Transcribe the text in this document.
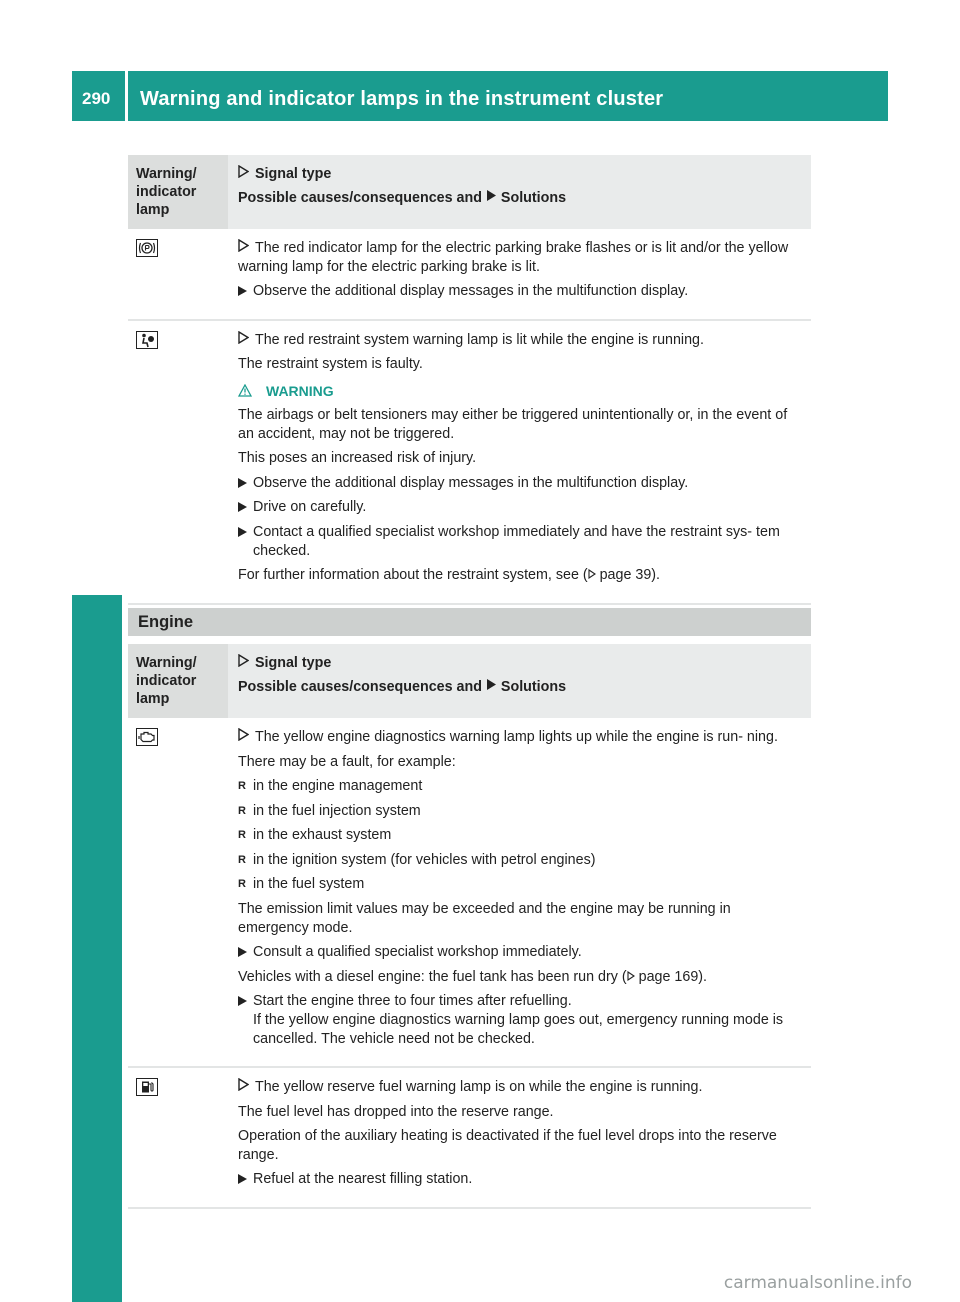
290 Warning and indicator lamps in the instrument cluster
Warning/ indicator lamp

Signal type

Possible causes/consequences and Solutions

The red indicator lamp for the electric parking brake flashes or is lit and/or the yellow warning lamp for the electric parking brake is lit.

Observe the additional display messages in the multifunction display.

The red restraint system warning lamp is lit while the engine is running.

The restraint system is faulty.

WARNING

The airbags or belt tensioners may either be triggered unintentionally or, in the event of an accident, may not be triggered.

This poses an increased risk of injury.

Observe the additional display messages in the multifunction display.

Drive on carefully.

Contact a qualified specialist workshop immediately and have the restraint sys- tem checked.

For further information about the restraint system, see ( page 39).

Engine
Warning/ indicator lamp

Signal type

Possible causes/consequences and Solutions

The yellow engine diagnostics warning lamp lights up while the engine is run- ning.

There may be a fault, for example:

R in the engine management

R in the fuel injection system

R in the exhaust system

R in the ignition system (for vehicles with petrol engines)

R in the fuel system

The emission limit values may be exceeded and the engine may be running in emergency mode.

Consult a qualified specialist workshop immediately.

Vehicles with a diesel engine: the fuel tank has been run dry ( page 169).

Start the engine three to four times after refuelling.
If the yellow engine diagnostics warning lamp goes out, emergency running mode is cancelled. The vehicle need not be checked.

The yellow reserve fuel warning lamp is on while the engine is running.

The fuel level has dropped into the reserve range.

Operation of the auxiliary heating is deactivated if the fuel level drops into the reserve range.

Refuel at the nearest filling station.

carmanualsonline.info
